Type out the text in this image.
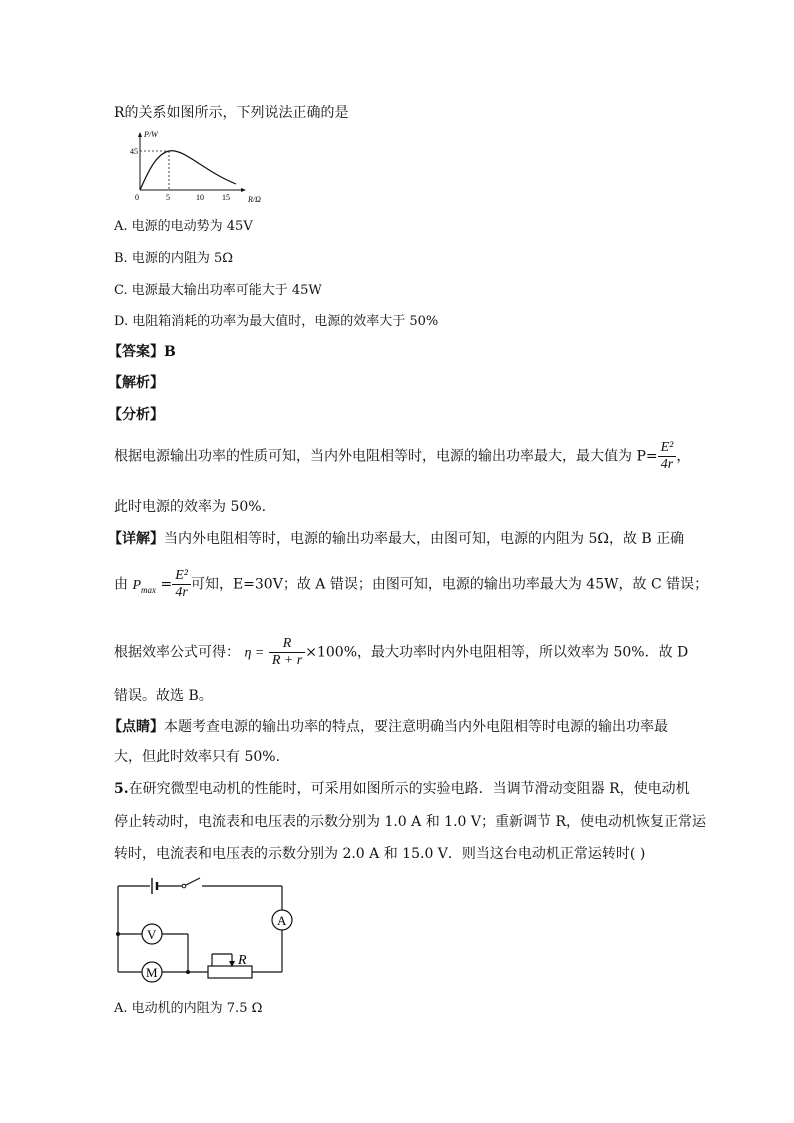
R的关系如图所示，下列说法正确的是
P/W
R/Ω
45
0	5	10 15
A. 电源的电动势为 45V
B. 电源的内阻为 5Ω
C. 电源最大输出功率可能大于 45W
D. 电阻箱消耗的功率为最大值时，电源的效率大于 50%
【答案】B
【解析】
【分析】
根据电源输出功率的性质可知，当内外电阻相等时，电源的输出功率最大，最大值为 $P= \frac{\text{E²}}{4r}$ ，
此时电源的效率为 50%.
【详解】当内外电阻相等时，电源的输出功率最大，由图可知，电源的内阻为 5Ω，故 B 正确
由 $P_{max} = \frac{\text{E²}}{4r}$ 可知，E=30V；故 A 错误；由图可知，电源的输出功率最大为 45W，故 C 错误；
根据效率公式可得： $\eta = \frac{R}{R + r} \times 100\%$，最大功率时内外电阻相等，所以效率为 50%．故 D
错误。故选 B。
【点睛】本题考查电源的输出功率的特点，要注意明确当内外电阻相等时电源的输出功率最
大，但此时效率只有 50%.
5.在研究微型电动机的性能时，可采用如图所示的实验电路．当调节滑动变阻器 R，使电动机
停止转动时，电流表和电压表的示数分别为 1.0 A 和 1.0 V；重新调节 R，使电动机恢复正常运
转时，电流表和电压表的示数分别为 2.0 A 和 15.0 V．则当这台电动机正常运转时( )
A
M
R
V
A. 电动机的内阻为 7.5 Ω
